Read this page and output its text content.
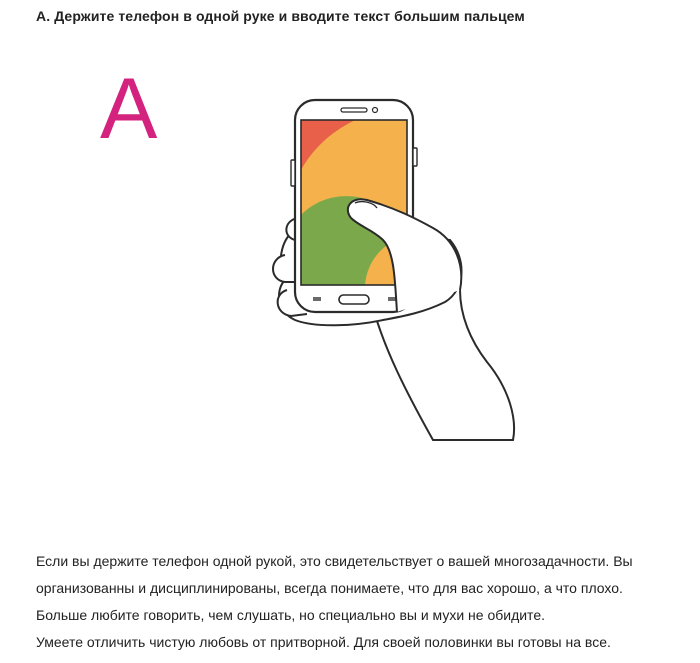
А. Держите телефон в одной руке и вводите текст большим пальцем
A

Если вы держите телефон одной рукой, это свидетельствует о вашей многозадачности. Вы

организованны и дисциплинированы, всегда понимаете, что для вас хорошо, а что плохо.

Больше любите говорить, чем слушать, но специально вы и мухи не обидите.

Умеете отличить чистую любовь от притворной. Для своей половинки вы готовы на все.
